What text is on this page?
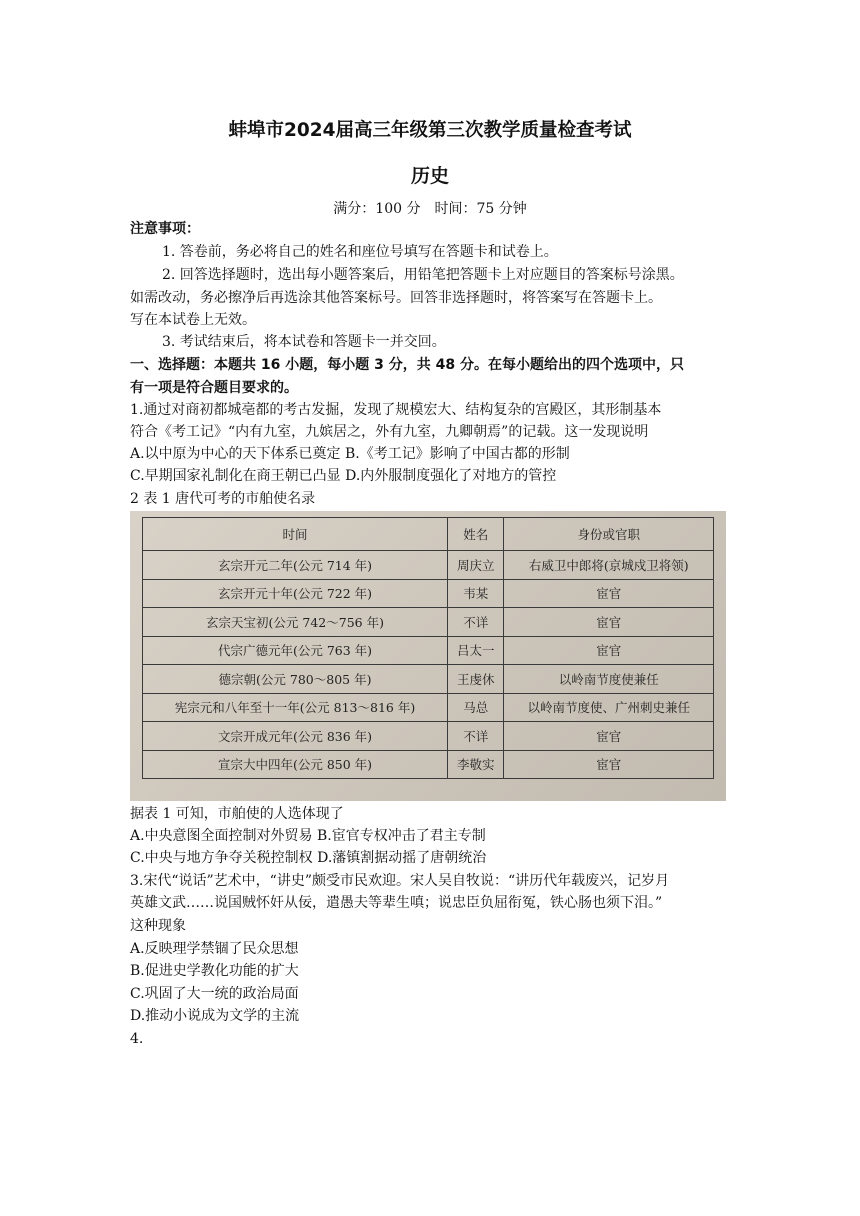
蚌埠市2024届高三年级第三次教学质量检查考试
历史
满分：100 分　时间：75 分钟
注意事项：
1. 答卷前，务必将自己的姓名和座位号填写在答题卡和试卷上。
2. 回答选择题时，选出每小题答案后，用铅笔把答题卡上对应题目的答案标号涂黑。
如需改动，务必擦净后再选涂其他答案标号。回答非选择题时，将答案写在答题卡上。
写在本试卷上无效。
3. 考试结束后，将本试卷和答题卡一并交回。
一、选择题：本题共 16 小题，每小题 3 分，共 48 分。在每小题给出的四个选项中，只
有一项是符合题目要求的。
1.通过对商初都城亳都的考古发掘，发现了规模宏大、结构复杂的宫殿区，其形制基本
符合《考工记》“内有九室，九嫔居之，外有九室，九卿朝焉”的记载。这一发现说明
A.以中原为中心的天下体系已奠定 B.《考工记》影响了中国古都的形制
C.早期国家礼制化在商王朝已凸显 D.内外服制度强化了对地方的管控
2 表 1 唐代可考的市舶使名录
时间	姓名	身份或官职
玄宗开元二年(公元 714 年)	周庆立	右威卫中郎将(京城戍卫将领)
玄宗开元十年(公元 722 年)	韦某	宦官
玄宗天宝初(公元 742～756 年)	不详	宦官
代宗广德元年(公元 763 年)	吕太一	宦官
德宗朝(公元 780～805 年)	王虔休	以岭南节度使兼任
宪宗元和八年至十一年(公元 813～816 年)	马总	以岭南节度使、广州刺史兼任
文宗开成元年(公元 836 年)	不详	宦官
宣宗大中四年(公元 850 年)	李敬实	宦官
据表 1 可知，市舶使的人选体现了
A.中央意图全面控制对外贸易 B.宦官专权冲击了君主专制
C.中央与地方争夺关税控制权 D.藩镇割据动摇了唐朝统治
3.宋代“说话”艺术中，“讲史”颇受市民欢迎。宋人吴自牧说：“讲历代年载废兴，记岁月
英雄文武……说国贼怀奸从佞，遣愚夫等辈生嗔；说忠臣负屈衔冤，铁心肠也须下泪。”
这种现象
A.反映理学禁锢了民众思想
B.促进史学教化功能的扩大
C.巩固了大一统的政治局面
D.推动小说成为文学的主流
4.
